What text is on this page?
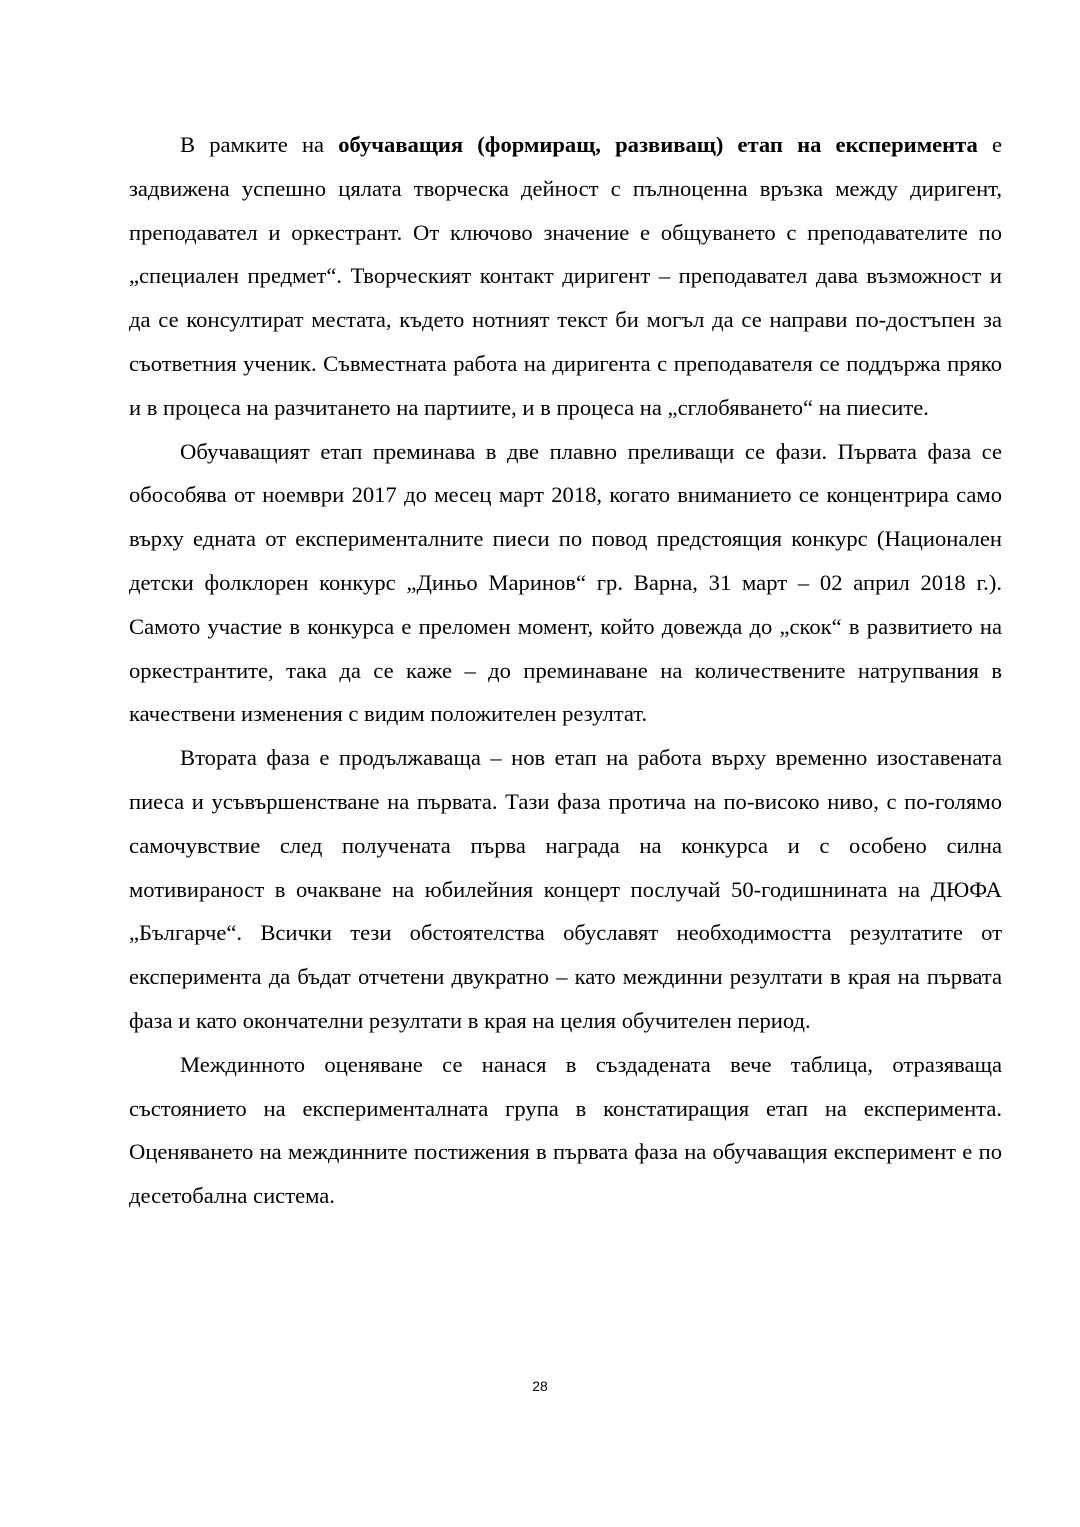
В рамките на обучаващия (формиращ, развиващ) етап на експеримента е задвижена успешно цялата творческа дейност с пълноценна връзка между диригент, преподавател и оркестрант. От ключово значение е общуването с преподавателите по „специален предмет“. Творческият контакт диригент – преподавател дава възможност и да се консултират местата, където нотният текст би могъл да се направи по-достъпен за съответния ученик. Съвместната работа на диригента с преподавателя се поддържа пряко и в процеса на разчитането на партиите, и в процеса на „сглобяването“ на пиесите.

Обучаващият етап преминава в две плавно преливащи се фази. Първата фаза се обособява от ноември 2017 до месец март 2018, когато вниманието се концентрира само върху едната от експерименталните пиеси по повод предстоящия конкурс (Национален детски фолклорен конкурс „Диньо Маринов“ гр. Варна, 31 март – 02 април 2018 г.). Самото участие в конкурса е преломен момент, който довежда до „скок“ в развитието на оркестрантите, така да се каже – до преминаване на количествените натрупвания в качествени изменения с видим положителен резултат.

Втората фаза е продължаваща – нов етап на работа върху временно изоставената пиеса и усъвършенстване на първата. Тази фаза протича на по-високо ниво, с по-голямо самочувствие след получената първа награда на конкурса и с особено силна мотивираност в очакване на юбилейния концерт послучай 50-годишнината на ДЮФА „Българче“. Всички тези обстоятелства обуславят необходимостта резултатите от експеримента да бъдат отчетени двукратно – като междинни резултати в края на първата фаза и като окончателни резултати в края на целия обучителен период.

Междинното оценяване се нанася в създадената вече таблица, отразяваща състоянието на експерименталната група в констатиращия етап на експеримента. Оценяването на междинните постижения в първата фаза на обучаващия експеримент е по десетобална система.

28
